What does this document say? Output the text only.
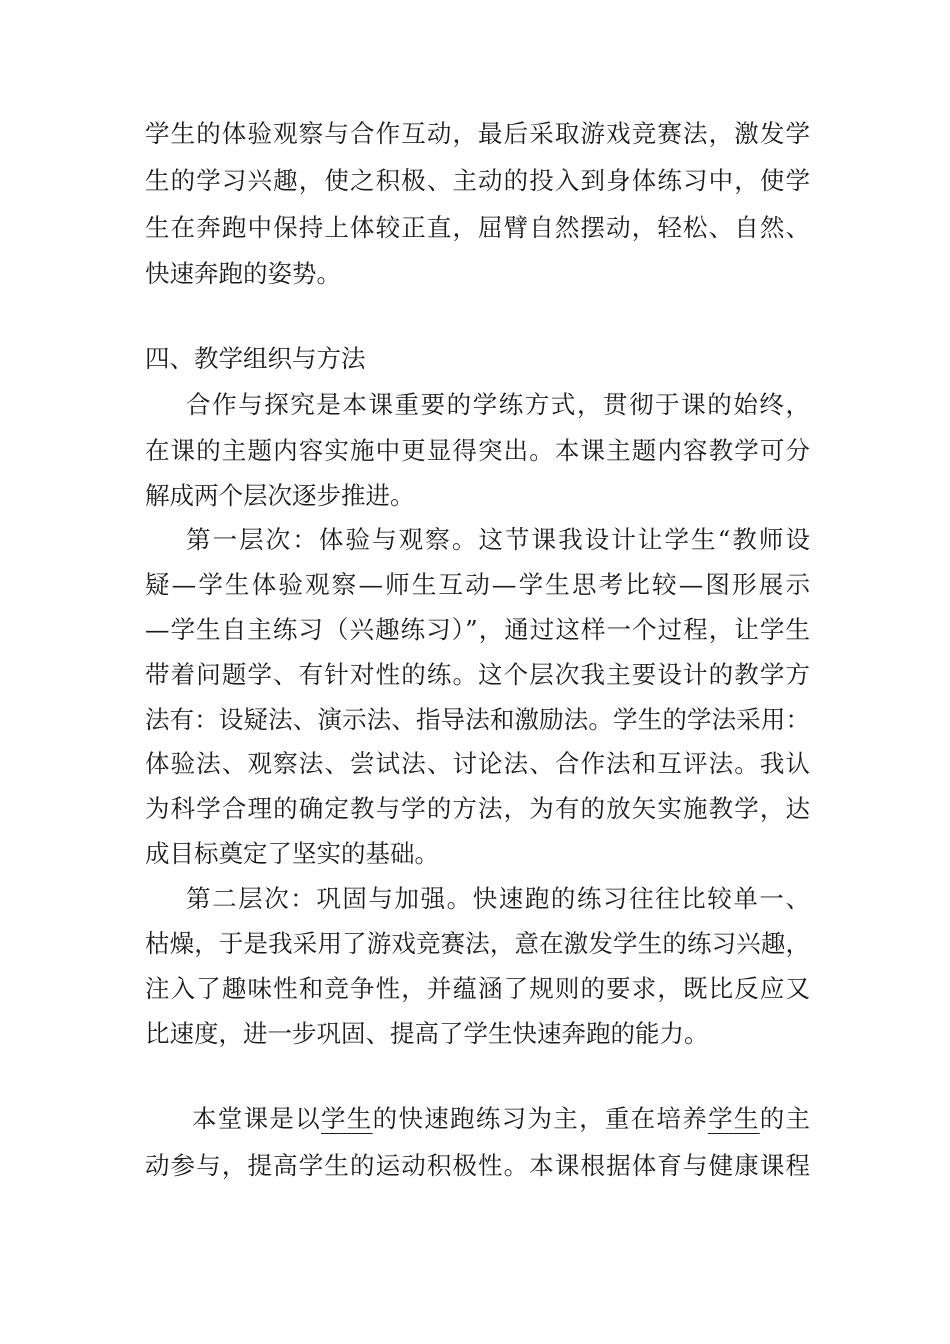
学生的体验观察与合作互动，最后采取游戏竞赛法，激发学
生的学习兴趣，使之积极、主动的投入到身体练习中，使学
生在奔跑中保持上体较正直，屈臂自然摆动，轻松、自然、
快速奔跑的姿势。
四、教学组织与方法
合作与探究是本课重要的学练方式，贯彻于课的始终，
在课的主题内容实施中更显得突出。本课主题内容教学可分
解成两个层次逐步推进。
第一层次：体验与观察。这节课我设计让学生“教师设
疑—学生体验观察—师生互动—学生思考比较—图形展示
—学生自主练习（兴趣练习）”，通过这样一个过程，让学生
带着问题学、有针对性的练。这个层次我主要设计的教学方
法有：设疑法、演示法、指导法和激励法。学生的学法采用：
体验法、观察法、尝试法、讨论法、合作法和互评法。我认
为科学合理的确定教与学的方法，为有的放矢实施教学，达
成目标奠定了坚实的基础。
第二层次：巩固与加强。快速跑的练习往往比较单一、
枯燥，于是我采用了游戏竞赛法，意在激发学生的练习兴趣，
注入了趣味性和竞争性，并蕴涵了规则的要求，既比反应又
比速度，进一步巩固、提高了学生快速奔跑的能力。
本堂课是以学生的快速跑练习为主，重在培养学生的主
动参与，提高学生的运动积极性。本课根据体育与健康课程
